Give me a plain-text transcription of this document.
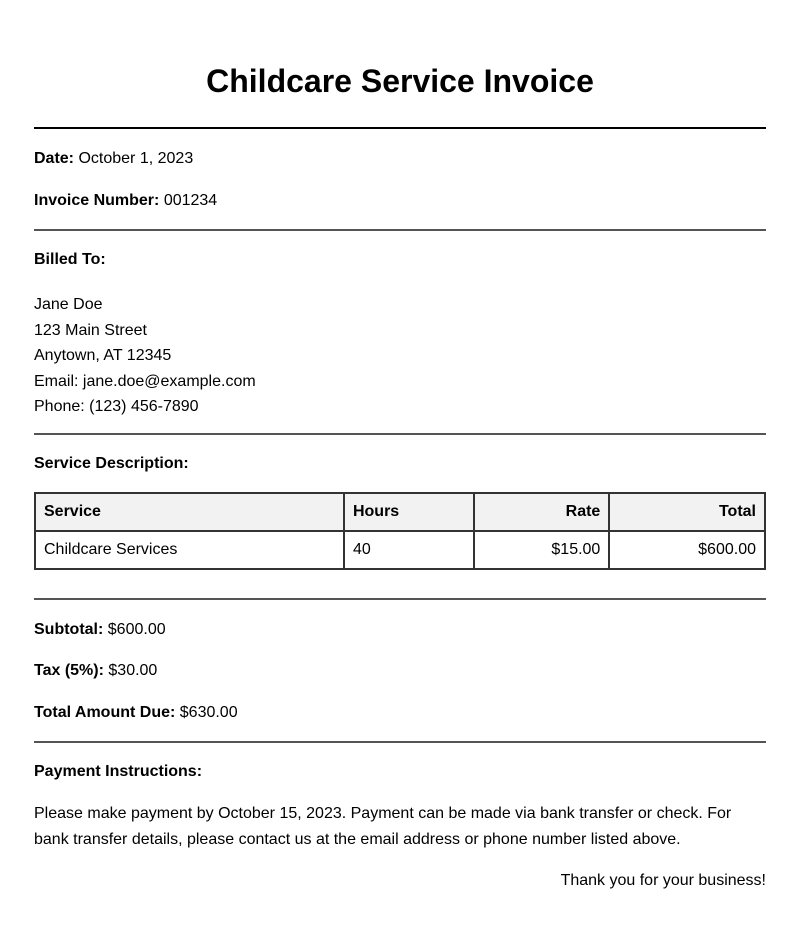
Childcare Service Invoice
Date: October 1, 2023
Invoice Number: 001234
Billed To:
Jane Doe
123 Main Street
Anytown, AT 12345
Email: jane.doe@example.com
Phone: (123) 456-7890
Service Description:
Service	Hours	Rate	Total
Childcare Services	40	$15.00	$600.00
Subtotal: $600.00
Tax (5%): $30.00
Total Amount Due: $630.00
Payment Instructions:

Please make payment by October 15, 2023. Payment can be made via bank transfer or check. For bank transfer details, please contact us at the email address or phone number listed above.

Thank you for your business!
